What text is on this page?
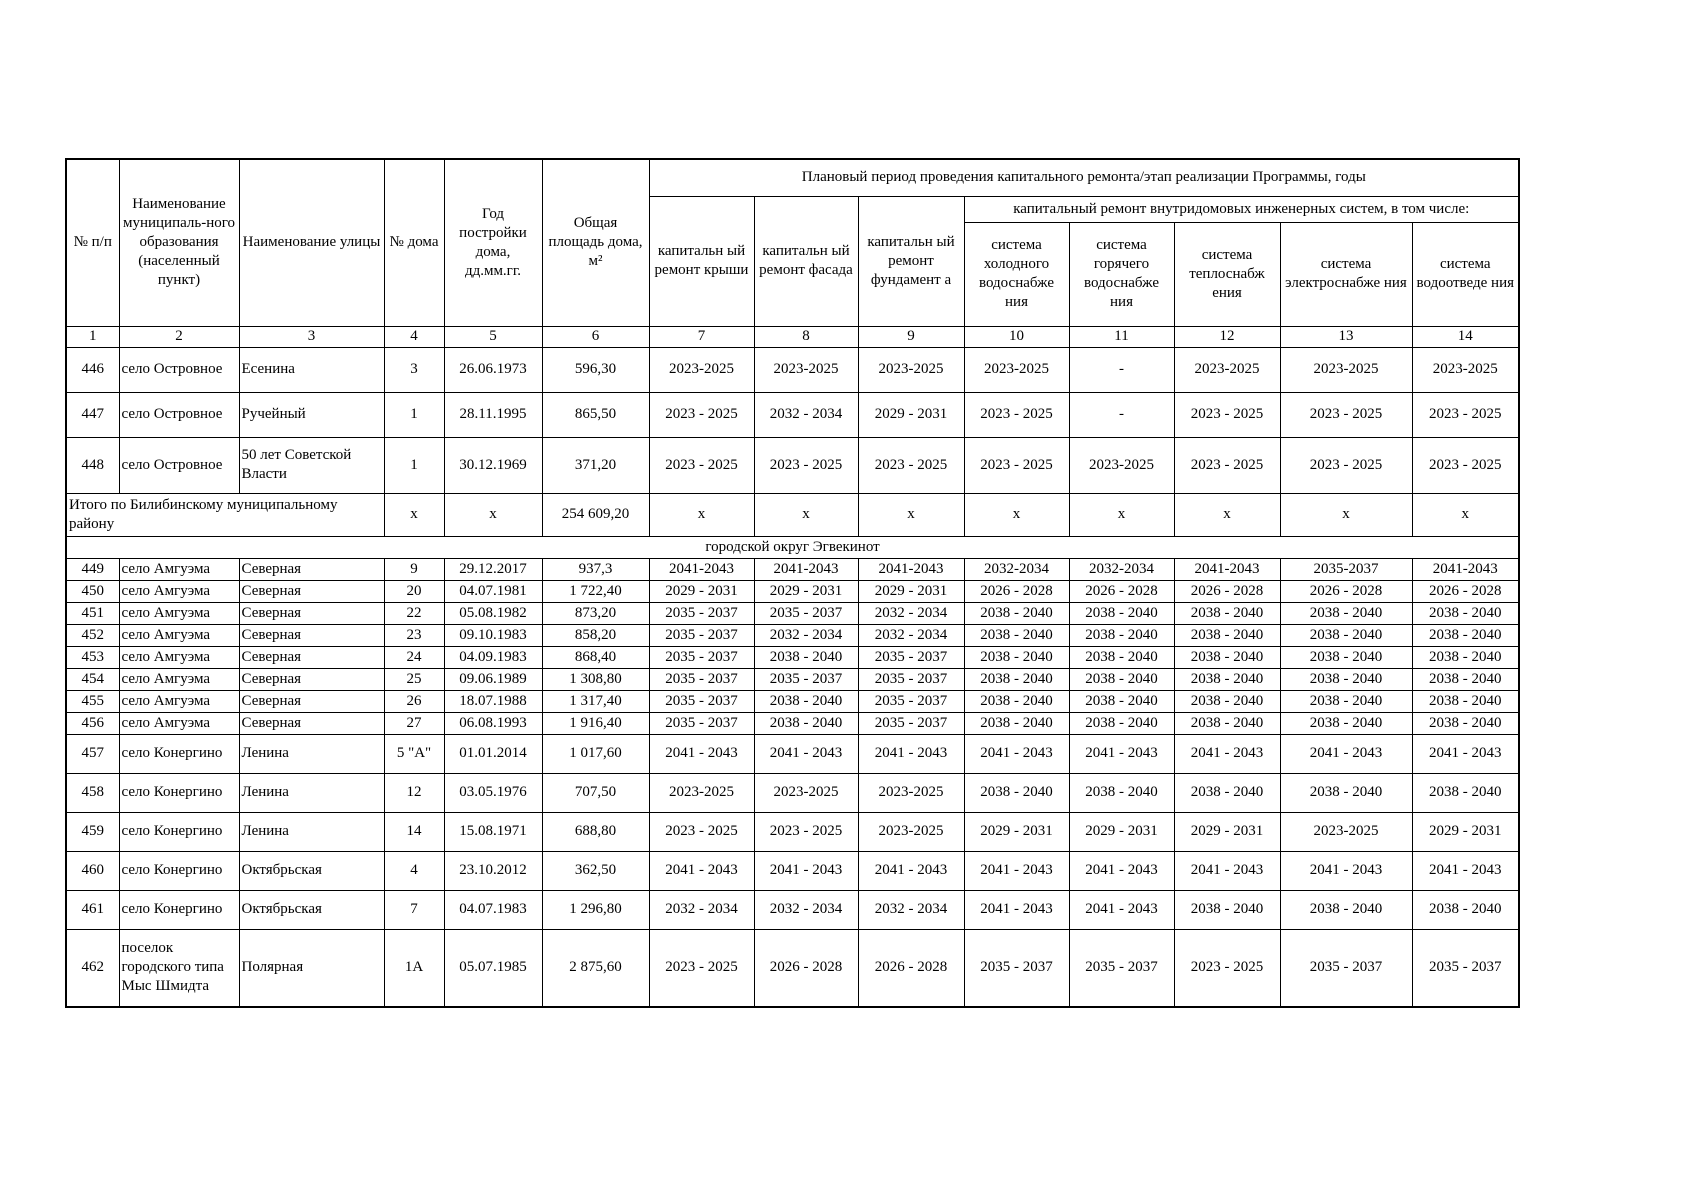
№ п/п	Наименование муниципаль-ного образования (населенный пункт)	Наименование улицы	№ дома	Год постройки дома, дд.мм.гг.	Общая площадь дома, м²	Плановый период проведения капитального ремонта/этап реализации Программы, годы							
						капитальн ый ремонт крыши	капитальн ый ремонт фасада	капитальн ый ремонт фундамент а	капитальный ремонт внутридомовых инженерных систем, в том числе:				
									система холодного водоснабже ния	система горячего водоснабже ния	система теплоснабж ения	система электроснабже ния	система водоотведе ния
1	2	3	4	5	6	7	8	9	10	11	12	13	14
446	село Островное	Есенина	3	26.06.1973	596,30	2023-2025	2023-2025	2023-2025	2023-2025	-	2023-2025	2023-2025	2023-2025
447	село Островное	Ручейный	1	28.11.1995	865,50	2023 - 2025	2032 - 2034	2029 - 2031	2023 - 2025	-	2023 - 2025	2023 - 2025	2023 - 2025
448	село Островное	50 лет Советской Власти	1	30.12.1969	371,20	2023 - 2025	2023 - 2025	2023 - 2025	2023 - 2025	2023-2025	2023 - 2025	2023 - 2025	2023 - 2025
Итого по Билибинскому муниципальному району			х	х	254 609,20	х	х	х	х	х	х	х	х
городской округ Эгвекинот													
449	село Амгуэма	Северная	9	29.12.2017	937,3	2041-2043	2041-2043	2041-2043	2032-2034	2032-2034	2041-2043	2035-2037	2041-2043
450	село Амгуэма	Северная	20	04.07.1981	1 722,40	2029 - 2031	2029 - 2031	2029 - 2031	2026 - 2028	2026 - 2028	2026 - 2028	2026 - 2028	2026 - 2028
451	село Амгуэма	Северная	22	05.08.1982	873,20	2035 - 2037	2035 - 2037	2032 - 2034	2038 - 2040	2038 - 2040	2038 - 2040	2038 - 2040	2038 - 2040
452	село Амгуэма	Северная	23	09.10.1983	858,20	2035 - 2037	2032 - 2034	2032 - 2034	2038 - 2040	2038 - 2040	2038 - 2040	2038 - 2040	2038 - 2040
453	село Амгуэма	Северная	24	04.09.1983	868,40	2035 - 2037	2038 - 2040	2035 - 2037	2038 - 2040	2038 - 2040	2038 - 2040	2038 - 2040	2038 - 2040
454	село Амгуэма	Северная	25	09.06.1989	1 308,80	2035 - 2037	2035 - 2037	2035 - 2037	2038 - 2040	2038 - 2040	2038 - 2040	2038 - 2040	2038 - 2040
455	село Амгуэма	Северная	26	18.07.1988	1 317,40	2035 - 2037	2038 - 2040	2035 - 2037	2038 - 2040	2038 - 2040	2038 - 2040	2038 - 2040	2038 - 2040
456	село Амгуэма	Северная	27	06.08.1993	1 916,40	2035 - 2037	2038 - 2040	2035 - 2037	2038 - 2040	2038 - 2040	2038 - 2040	2038 - 2040	2038 - 2040
457	село Конергино	Ленина	5 "А"	01.01.2014	1 017,60	2041 - 2043	2041 - 2043	2041 - 2043	2041 - 2043	2041 - 2043	2041 - 2043	2041 - 2043	2041 - 2043
458	село Конергино	Ленина	12	03.05.1976	707,50	2023-2025	2023-2025	2023-2025	2038 - 2040	2038 - 2040	2038 - 2040	2038 - 2040	2038 - 2040
459	село Конергино	Ленина	14	15.08.1971	688,80	2023 - 2025	2023 - 2025	2023-2025	2029 - 2031	2029 - 2031	2029 - 2031	2023-2025	2029 - 2031
460	село Конергино	Октябрьская	4	23.10.2012	362,50	2041 - 2043	2041 - 2043	2041 - 2043	2041 - 2043	2041 - 2043	2041 - 2043	2041 - 2043	2041 - 2043
461	село Конергино	Октябрьская	7	04.07.1983	1 296,80	2032 - 2034	2032 - 2034	2032 - 2034	2041 - 2043	2041 - 2043	2038 - 2040	2038 - 2040	2038 - 2040
462	поселок городского типа Мыс Шмидта	Полярная	1А	05.07.1985	2 875,60	2023 - 2025	2026 - 2028	2026 - 2028	2035 - 2037	2035 - 2037	2023 - 2025	2035 - 2037	2035 - 2037
